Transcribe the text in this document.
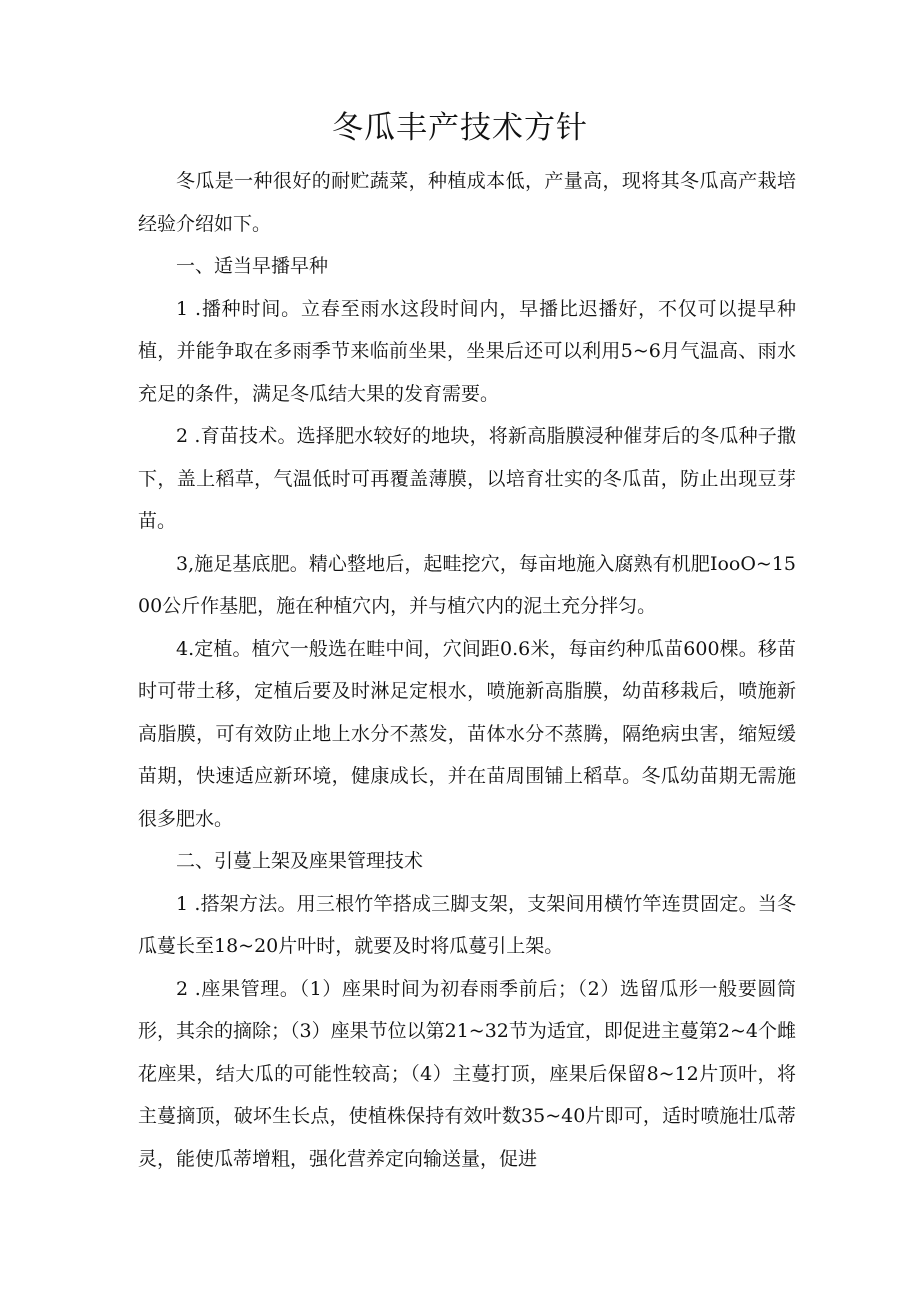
冬瓜丰产技术方针

冬瓜是一种很好的耐贮蔬菜，种植成本低，产量高，现将其冬瓜高产栽培经验介绍如下。

一、适当早播早种

1 .播种时间。立春至雨水这段时间内，早播比迟播好，不仅可以提早种植，并能争取在多雨季节来临前坐果，坐果后还可以利用5~6月气温高、雨水充足的条件，满足冬瓜结大果的发育需要。

2 .育苗技术。选择肥水较好的地块，将新高脂膜浸种催芽后的冬瓜种子撒下，盖上稻草，气温低时可再覆盖薄膜，以培育壮实的冬瓜苗，防止出现豆芽苗。

3,施足基底肥。精心整地后，起畦挖穴，每亩地施入腐熟有机肥IooO~1500公斤作基肥，施在种植穴内，并与植穴内的泥土充分拌匀。

4.定植。植穴一般选在畦中间，穴间距0.6米，每亩约种瓜苗600棵。移苗时可带土移，定植后要及时淋足定根水，喷施新高脂膜，幼苗移栽后，喷施新高脂膜，可有效防止地上水分不蒸发，苗体水分不蒸腾，隔绝病虫害，缩短缓苗期，快速适应新环境，健康成长，并在苗周围铺上稻草。冬瓜幼苗期无需施很多肥水。

二、引蔓上架及座果管理技术

1 .搭架方法。用三根竹竿搭成三脚支架，支架间用横竹竿连贯固定。当冬瓜蔓长至18~20片叶时，就要及时将瓜蔓引上架。

2 .座果管理。（1）座果时间为初春雨季前后；（2）选留瓜形一般要圆筒形，其余的摘除；（3）座果节位以第21~32节为适宜，即促进主蔓第2~4个雌花座果，结大瓜的可能性较高；（4）主蔓打顶，座果后保留8~12片顶叶，将主蔓摘顶，破坏生长点，使植株保持有效叶数35~40片即可，适时喷施壮瓜蒂灵，能使瓜蒂增粗，强化营养定向输送量，促进
